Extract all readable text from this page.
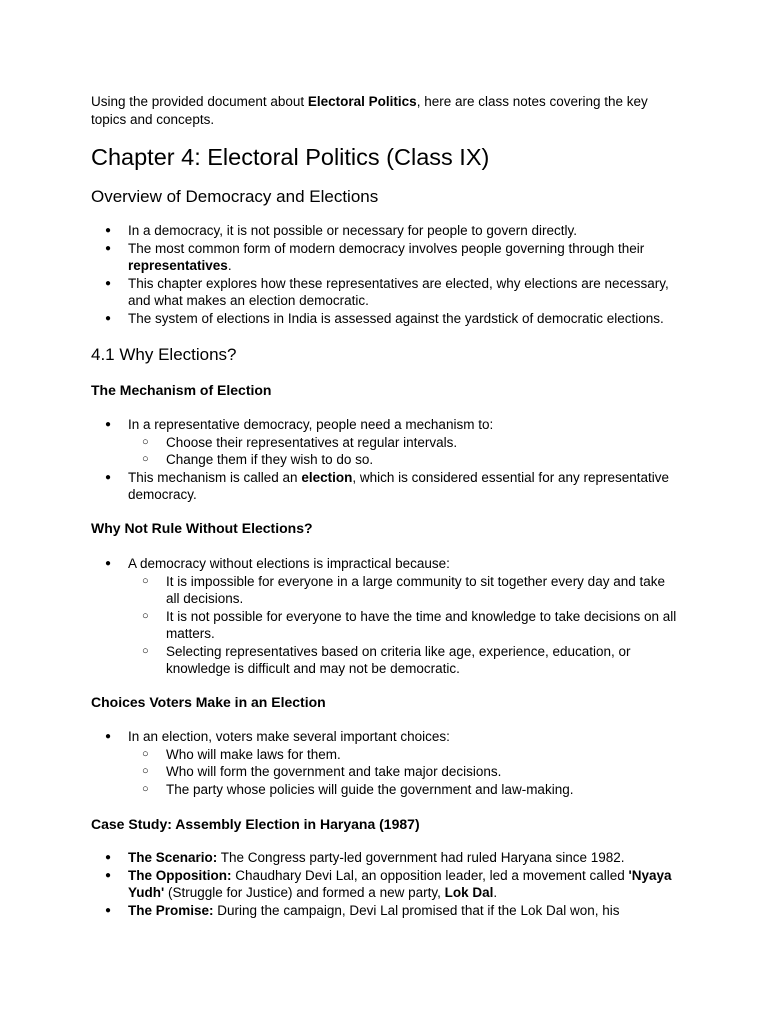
Using the provided document about Electoral Politics, here are class notes covering the key topics and concepts.

Chapter 4: Electoral Politics (Class IX)
Overview of Democracy and Elections
● In a democracy, it is not possible or necessary for people to govern directly.
● The most common form of modern democracy involves people governing through their representatives.
● This chapter explores how these representatives are elected, why elections are necessary, and what makes an election democratic.
● The system of elections in India is assessed against the yardstick of democratic elections.
4.1 Why Elections?
The Mechanism of Election
● In a representative democracy, people need a mechanism to:
○ Choose their representatives at regular intervals.
○ Change them if they wish to do so.
● This mechanism is called an election, which is considered essential for any representative democracy.
Why Not Rule Without Elections?
● A democracy without elections is impractical because:
○ It is impossible for everyone in a large community to sit together every day and take all decisions.
○ It is not possible for everyone to have the time and knowledge to take decisions on all matters.
○ Selecting representatives based on criteria like age, experience, education, or knowledge is difficult and may not be democratic.
Choices Voters Make in an Election
● In an election, voters make several important choices:
○ Who will make laws for them.
○ Who will form the government and take major decisions.
○ The party whose policies will guide the government and law-making.
Case Study: Assembly Election in Haryana (1987)
● The Scenario: The Congress party-led government had ruled Haryana since 1982.
● The Opposition: Chaudhary Devi Lal, an opposition leader, led a movement called 'Nyaya Yudh' (Struggle for Justice) and formed a new party, Lok Dal.
● The Promise: During the campaign, Devi Lal promised that if the Lok Dal won, his
